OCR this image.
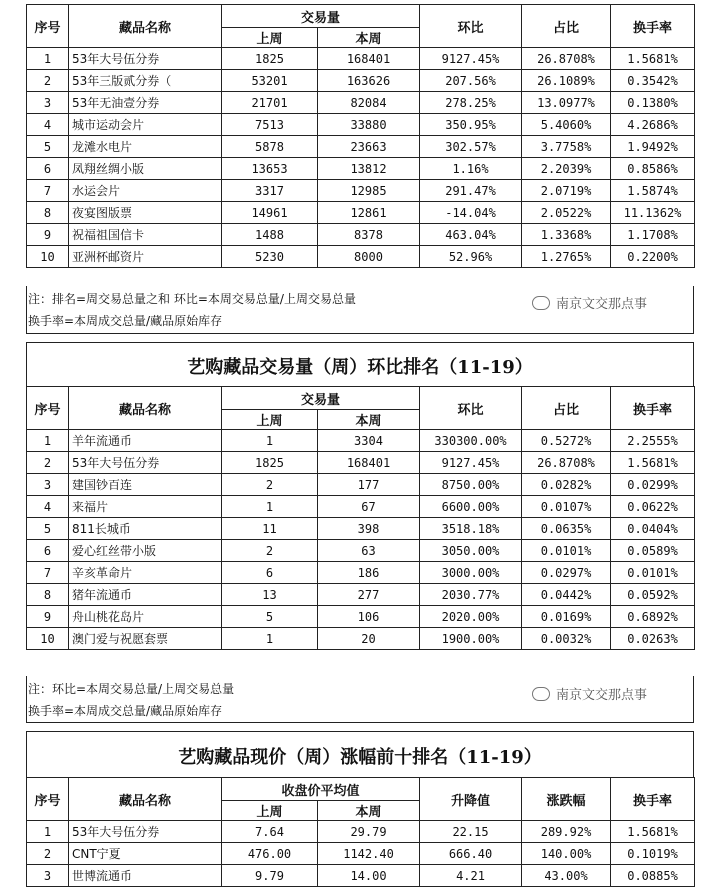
序号	藏品名称	交易量		环比	占比	换手率
		上周	本周			
1	53年大号伍分券	1825	168401	9127.45%	26.8708%	1.5681%
2	53年三版贰分券（	53201	163626	207.56%	26.1089%	0.3542%
3	53年无油壹分券	21701	82084	278.25%	13.0977%	0.1380%
4	城市运动会片	7513	33880	350.95%	5.4060%	4.2686%
5	龙滩水电片	5878	23663	302.57%	3.7758%	1.9492%
6	凤翔丝绸小版	13653	13812	1.16%	2.2039%	0.8586%
7	水运会片	3317	12985	291.47%	2.0719%	1.5874%
8	夜宴图版票	14961	12861	-14.04%	2.0522%	11.1362%
9	祝福祖国信卡	1488	8378	463.04%	1.3368%	1.1708%
10	亚洲杯邮资片	5230	8000	52.96%	1.2765%	0.2200%
注：排名=周交易总量之和 环比=本周交易总量/上周交易总量
换手率=本周成交总量/藏品原始库存
南京文交那点事
艺购藏品交易量（周）环比排名（11-19）
序号	藏品名称	交易量		环比	占比	换手率
		上周	本周			
1	羊年流通币	1	3304	330300.00%	0.5272%	2.2555%
2	53年大号伍分券	1825	168401	9127.45%	26.8708%	1.5681%
3	建国钞百连	2	177	8750.00%	0.0282%	0.0299%
4	来福片	1	67	6600.00%	0.0107%	0.0622%
5	811长城币	11	398	3518.18%	0.0635%	0.0404%
6	爱心红丝带小版	2	63	3050.00%	0.0101%	0.0589%
7	辛亥革命片	6	186	3000.00%	0.0297%	0.0101%
8	猪年流通币	13	277	2030.77%	0.0442%	0.0592%
9	舟山桃花岛片	5	106	2020.00%	0.0169%	0.6892%
10	澳门爱与祝愿套票	1	20	1900.00%	0.0032%	0.0263%
注：环比=本周交易总量/上周交易总量
换手率=本周成交总量/藏品原始库存
南京文交那点事
艺购藏品现价（周）涨幅前十排名（11-19）
序号	藏品名称	收盘价平均值		升降值	涨跌幅	换手率
		上周	本周			
1	53年大号伍分券	7.64	29.79	22.15	289.92%	1.5681%
2	CNT宁夏	476.00	1142.40	666.40	140.00%	0.1019%
3	世博流通币	9.79	14.00	4.21	43.00%	0.0885%
